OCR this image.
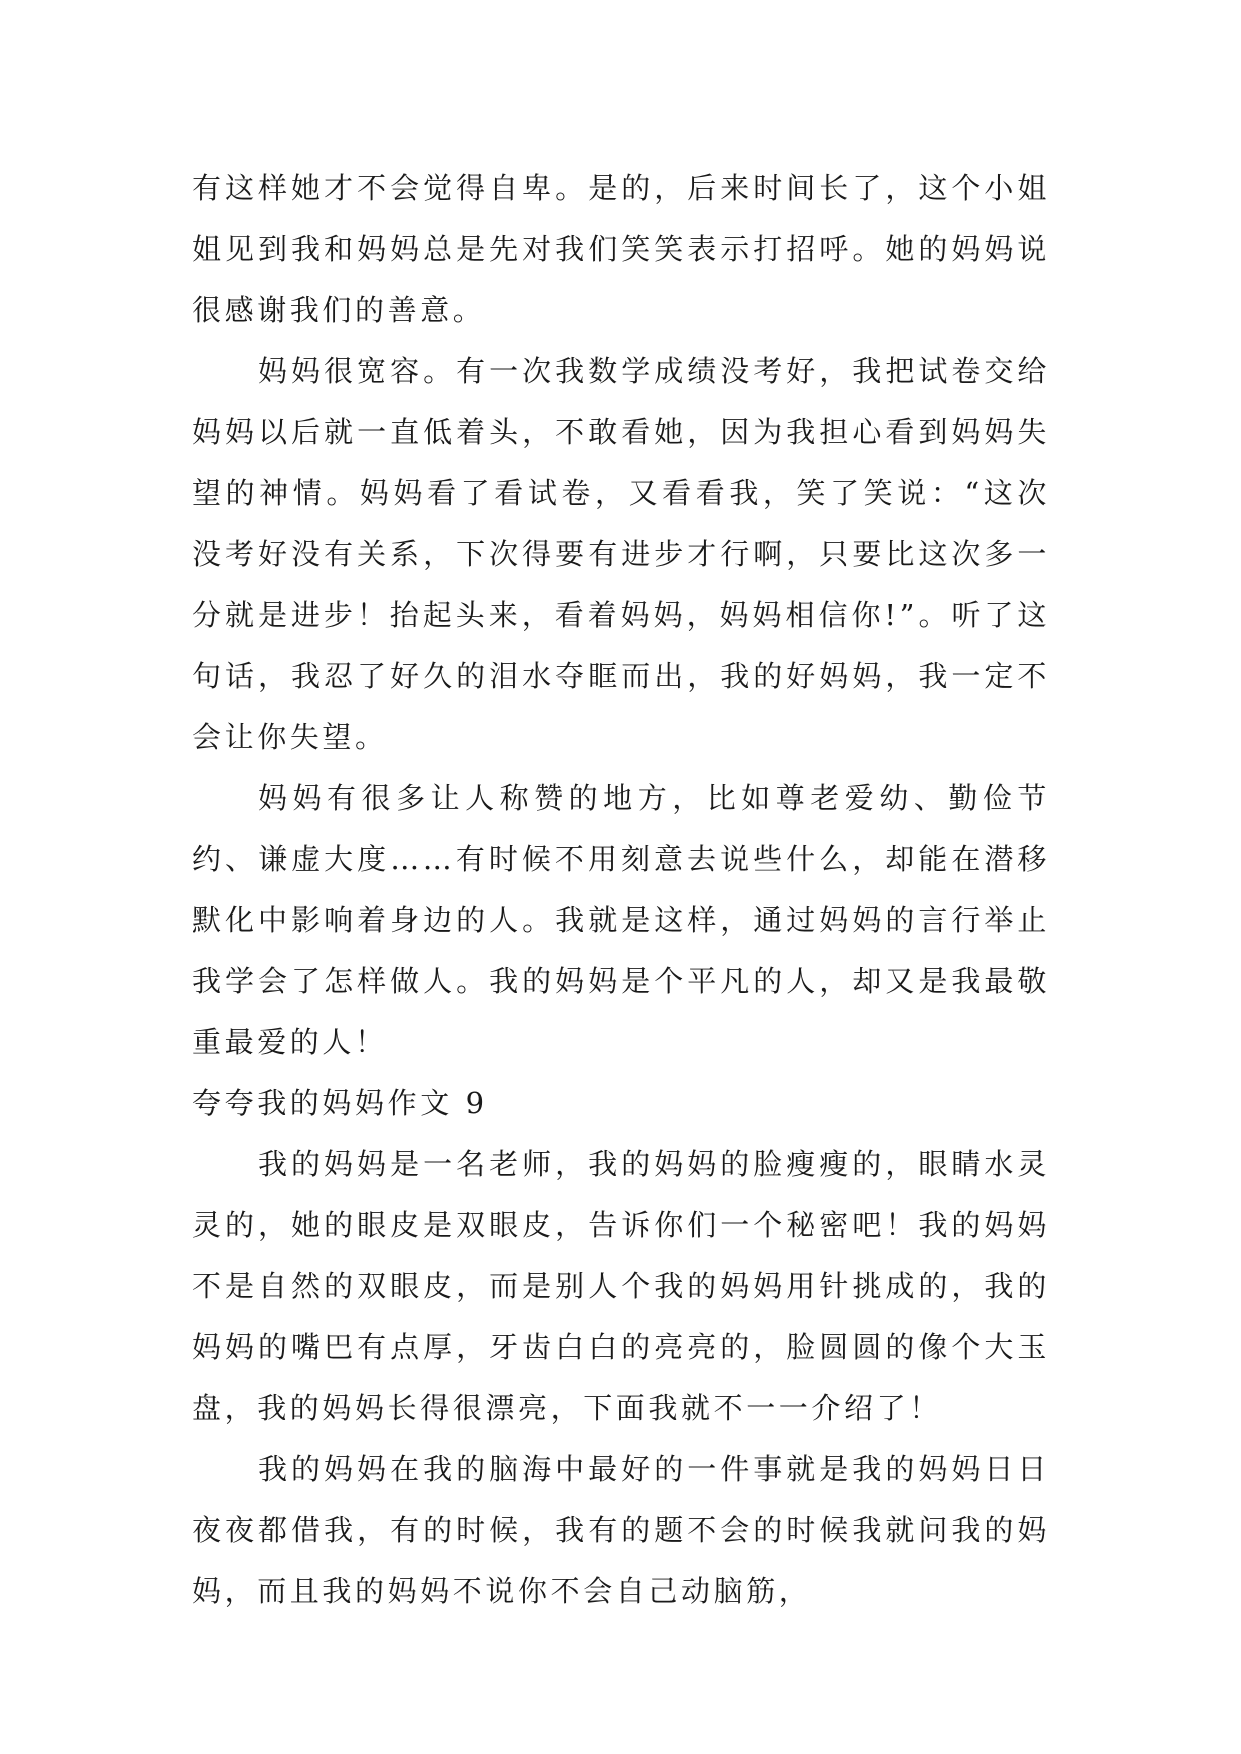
有这样她才不会觉得自卑。是的，后来时间长了，这个小姐姐见到我和妈妈总是先对我们笑笑表示打招呼。她的妈妈说很感谢我们的善意。

妈妈很宽容。有一次我数学成绩没考好，我把试卷交给妈妈以后就一直低着头，不敢看她，因为我担心看到妈妈失望的神情。妈妈看了看试卷，又看看我，笑了笑说：“这次没考好没有关系，下次得要有进步才行啊，只要比这次多一分就是进步！抬起头来，看着妈妈，妈妈相信你!”。听了这句话，我忍了好久的泪水夺眶而出，我的好妈妈，我一定不会让你失望。

妈妈有很多让人称赞的地方，比如尊老爱幼、勤俭节约、谦虚大度……有时候不用刻意去说些什么，却能在潜移默化中影响着身边的人。我就是这样，通过妈妈的言行举止我学会了怎样做人。我的妈妈是个平凡的人，却又是我最敬重最爱的人！

夸夸我的妈妈作文 9

我的妈妈是一名老师，我的妈妈的脸瘦瘦的，眼睛水灵灵的，她的眼皮是双眼皮，告诉你们一个秘密吧！我的妈妈不是自然的双眼皮，而是别人个我的妈妈用针挑成的，我的妈妈的嘴巴有点厚，牙齿白白的亮亮的，脸圆圆的像个大玉盘，我的妈妈长得很漂亮，下面我就不一一介绍了！

我的妈妈在我的脑海中最好的一件事就是我的妈妈日日夜夜都借我，有的时候，我有的题不会的时候我就问我的妈妈，而且我的妈妈不说你不会自己动脑筋，
